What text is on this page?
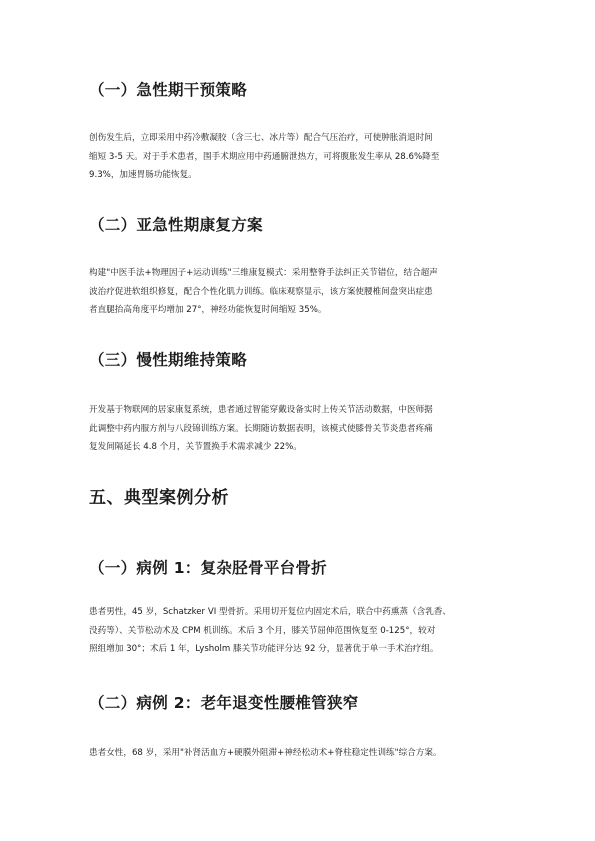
（一）急性期干预策略
创伤发生后，立即采用中药冷敷凝胶（含三七、冰片等）配合气压治疗，可使肿胀消退时间
缩短 3-5 天。对于手术患者，围手术期应用中药通腑泄热方，可将腹胀发生率从 28.6%降至
9.3%，加速胃肠功能恢复。
（二）亚急性期康复方案
构建"中医手法+物理因子+运动训练"三维康复模式：采用整脊手法纠正关节错位，结合超声
波治疗促进软组织修复，配合个性化肌力训练。临床观察显示，该方案使腰椎间盘突出症患
者直腿抬高角度平均增加 27°，神经功能恢复时间缩短 35%。
（三）慢性期维持策略
开发基于物联网的居家康复系统，患者通过智能穿戴设备实时上传关节活动数据，中医师据
此调整中药内服方剂与八段锦训练方案。长期随访数据表明，该模式使膝骨关节炎患者疼痛
复发间隔延长 4.8 个月，关节置换手术需求减少 22%。
五、典型案例分析
（一）病例 1：复杂胫骨平台骨折
患者男性，45 岁，Schatzker VI 型骨折。采用切开复位内固定术后，联合中药熏蒸（含乳香、
没药等）、关节松动术及 CPM 机训练。术后 3 个月，膝关节屈伸范围恢复至 0-125°，较对
照组增加 30°；术后 1 年，Lysholm 膝关节功能评分达 92 分，显著优于单一手术治疗组。
（二）病例 2：老年退变性腰椎管狭窄
患者女性，68 岁，采用"补肾活血方+硬膜外阻滞+神经松动术+脊柱稳定性训练"综合方案。
